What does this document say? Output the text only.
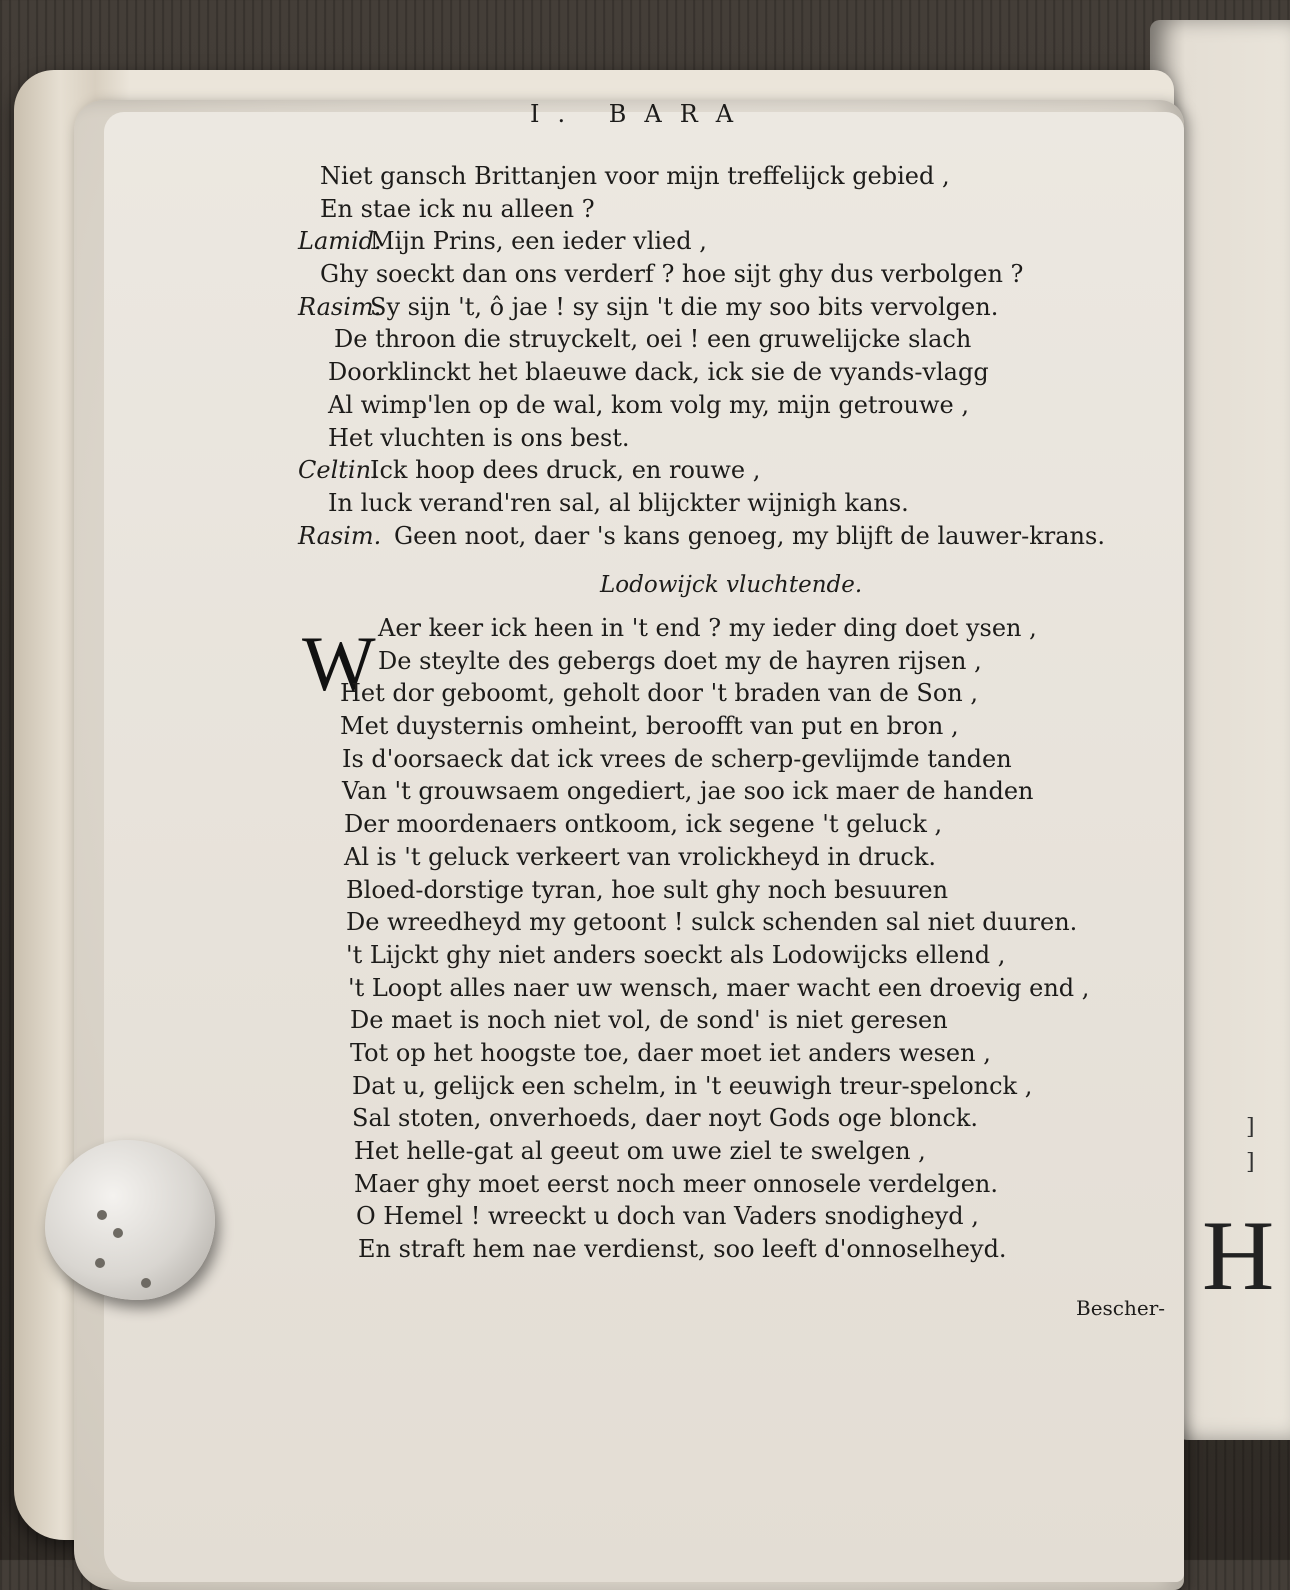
]
]
H
I. BARA
Niet gansch Brittanjen voor mijn treffelijck gebied ,
En stae ick nu alleen ?
Lamid.
Mijn Prins, een ieder vlied ,
Ghy soeckt dan ons verderf ? hoe sijt ghy dus verbolgen ?
Rasim.
Sy sijn 't, ô jae ! sy sijn 't die my soo bits vervolgen.
De throon die struyckelt, oei ! een gruwelijcke slach
Doorklinckt het blaeuwe dack, ick sie de vyands-vlagg
Al wimp'len op de wal, kom volg my, mijn getrouwe ,
Het vluchten is ons best.
Celtin.
Ick hoop dees druck, en rouwe ,
In luck verand'ren sal, al blijckter wijnigh kans.
Rasim. Geen noot, daer 's kans genoeg, my blijft de lauwer-krans.
Lodowijck vluchtende.
W Aer keer ick heen in 't end ? my ieder ding doet ysen ,
De steylte des gebergs doet my de hayren rijsen ,
Het dor geboomt, geholt door 't braden van de Son ,
Met duysternis omheint, beroofft van put en bron ,
Is d'oorsaeck dat ick vrees de scherp-gevlijmde tanden
Van 't grouwsaem ongediert, jae soo ick maer de handen
Der moordenaers ontkoom, ick segene 't geluck ,
Al is 't geluck verkeert van vrolickheyd in druck.
Bloed-dorstige tyran, hoe sult ghy noch besuuren
De wreedheyd my getoont ! sulck schenden sal niet duuren.
't Lijckt ghy niet anders soeckt als Lodowijcks ellend ,
't Loopt alles naer uw wensch, maer wacht een droevig end ,
De maet is noch niet vol, de sond' is niet geresen
Tot op het hoogste toe, daer moet iet anders wesen ,
Dat u, gelijck een schelm, in 't eeuwigh treur-spelonck ,
Sal stoten, onverhoeds, daer noyt Gods oge blonck.
Het helle-gat al geeut om uwe ziel te swelgen ,
Maer ghy moet eerst noch meer onnosele verdelgen.
O Hemel ! wreeckt u doch van Vaders snodigheyd ,
En straft hem nae verdienst, soo leeft d'onnoselheyd.
Bescher-
